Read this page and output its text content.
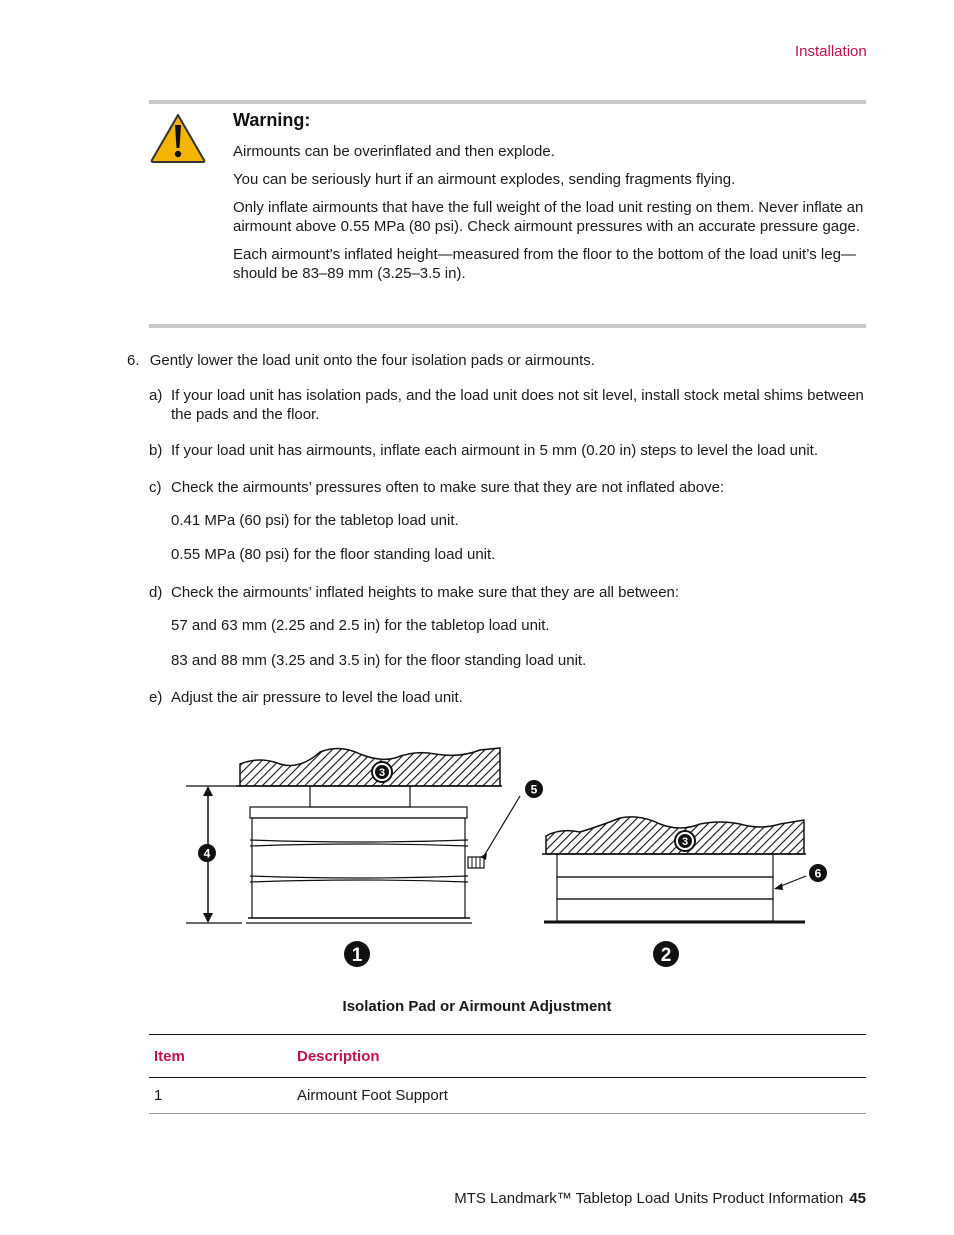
Installation
Warning:

Airmounts can be overinflated and then explode.

You can be seriously hurt if an airmount explodes, sending fragments flying.

Only inflate airmounts that have the full weight of the load unit resting on them. Never inflate an airmount above 0.55 MPa (80 psi). Check airmount pressures with an accurate pressure gage.

Each airmount's inflated height—measured from the floor to the bottom of the load unit’s leg—should be 83–89 mm (3.25–3.5 in).

6. Gently lower the load unit onto the four isolation pads or airmounts.
a) If your load unit has isolation pads, and the load unit does not sit level, install stock metal shims between the pads and the floor.
b) If your load unit has airmounts, inflate each airmount in 5 mm (0.20 in) steps to level the load unit.
c) Check the airmounts’ pressures often to make sure that they are not inflated above:
0.41 MPa (60 psi) for the tabletop load unit.
0.55 MPa (80 psi) for the floor standing load unit.
d) Check the airmounts’ inflated heights to make sure that they are all between:
57 and 63 mm (2.25 and 2.5 in) for the tabletop load unit.
83 and 88 mm (3.25 and 3.5 in) for the floor standing load unit.
e) Adjust the air pressure to level the load unit.
4
3
5
3
6
1	2
Isolation Pad or Airmount Adjustment
Item	Description
1	Airmount Foot Support
MTS Landmark™ Tabletop Load Units Product Information 45
